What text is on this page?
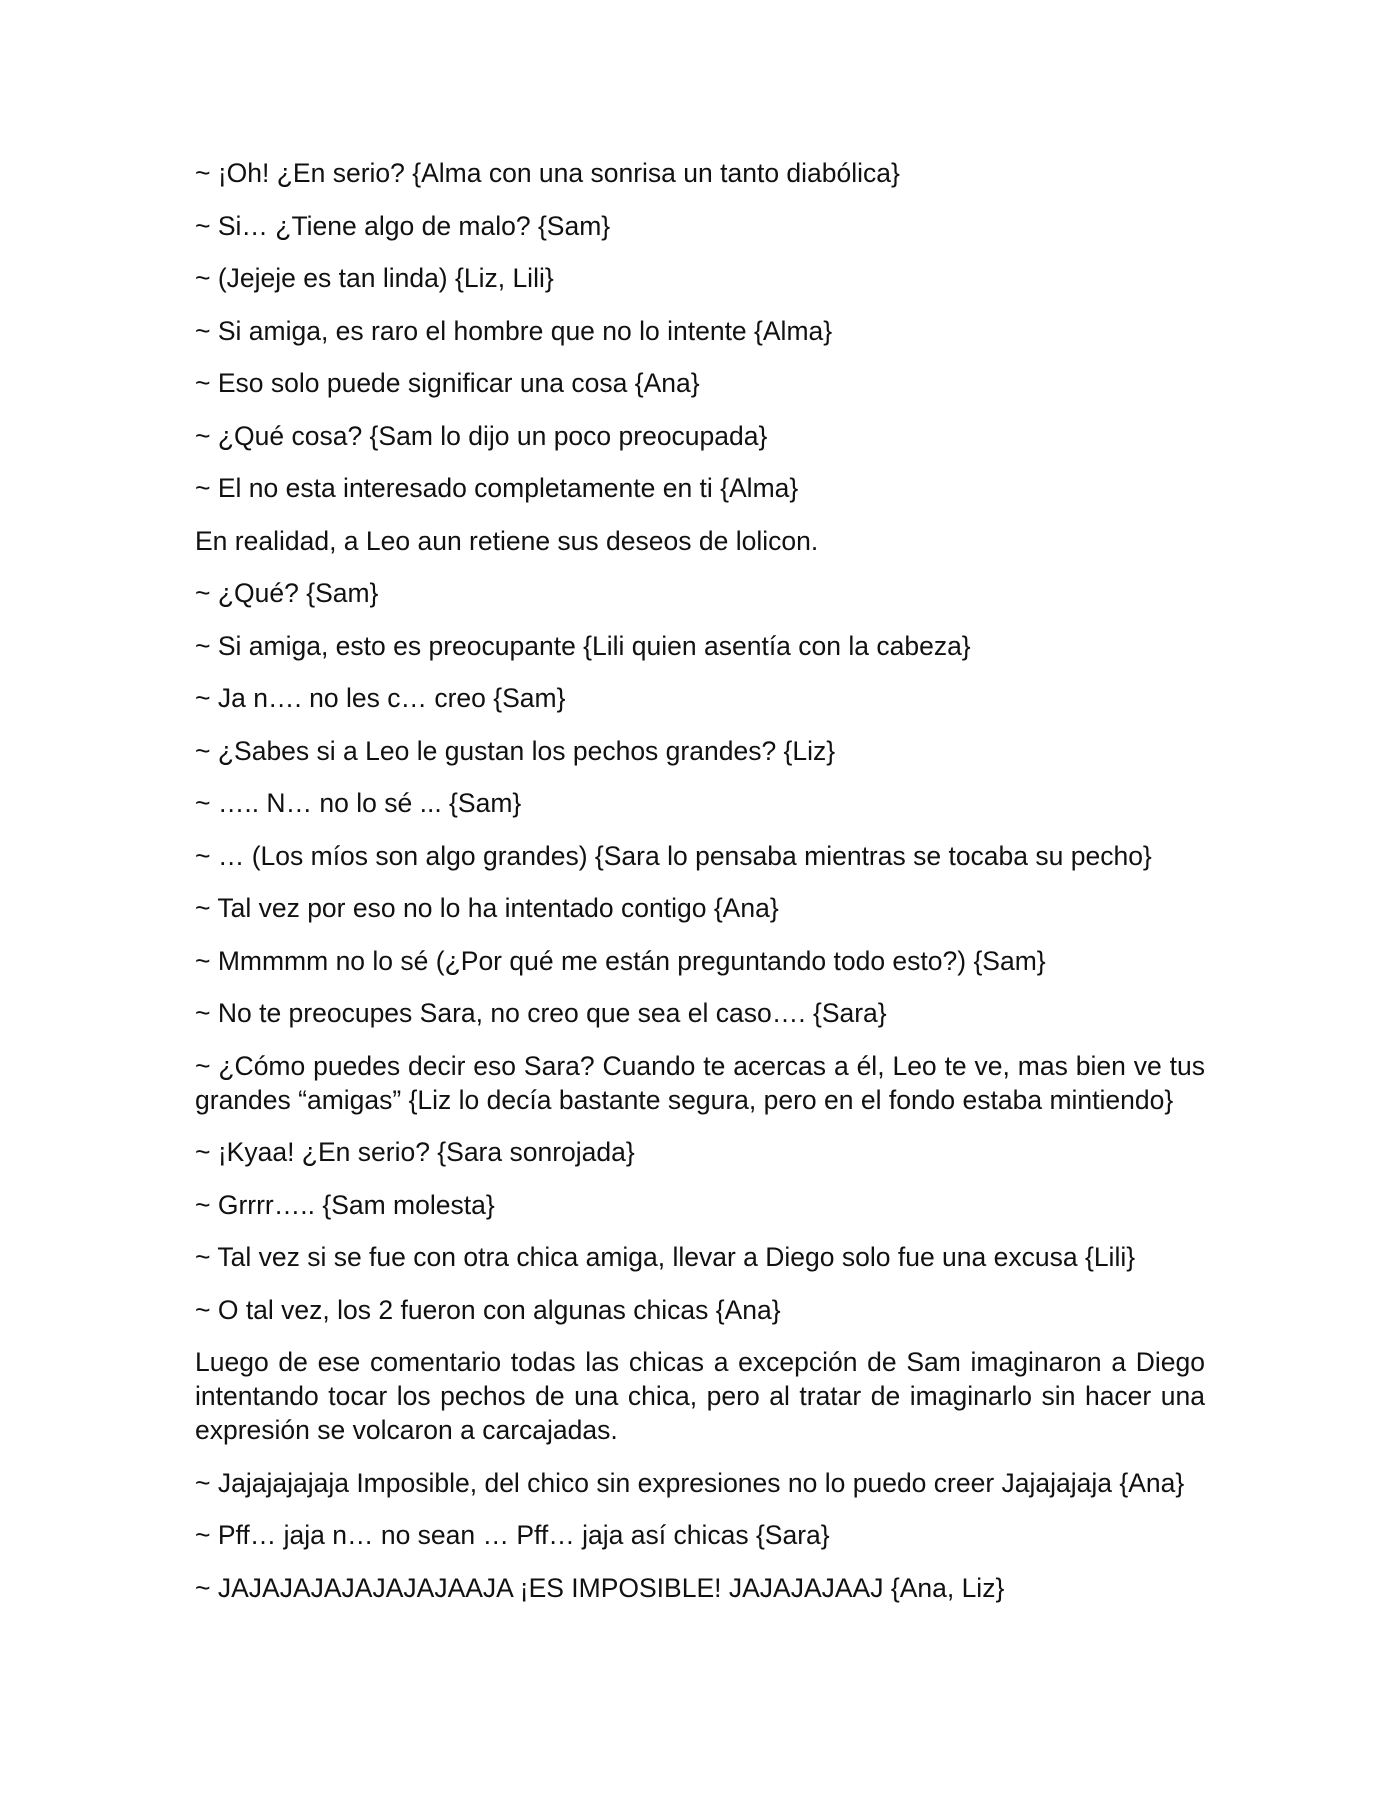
~ ¡Oh! ¿En serio? {Alma con una sonrisa un tanto diabólica}

~ Si… ¿Tiene algo de malo? {Sam}

~ (Jejeje es tan linda) {Liz, Lili}

~ Si amiga, es raro el hombre que no lo intente {Alma}

~ Eso solo puede significar una cosa {Ana}

~ ¿Qué cosa? {Sam lo dijo un poco preocupada}

~ El no esta interesado completamente en ti {Alma}

En realidad, a Leo aun retiene sus deseos de lolicon.

~ ¿Qué? {Sam}

~ Si amiga, esto es preocupante {Lili quien asentía con la cabeza}

~ Ja n…. no les c… creo {Sam}

~ ¿Sabes si a Leo le gustan los pechos grandes? {Liz}

~ ….. N… no lo sé ... {Sam}

~ … (Los míos son algo grandes) {Sara lo pensaba mientras se tocaba su pecho}

~ Tal vez por eso no lo ha intentado contigo {Ana}

~ Mmmmm no lo sé (¿Por qué me están preguntando todo esto?) {Sam}

~ No te preocupes Sara, no creo que sea el caso…. {Sara}

~ ¿Cómo puedes decir eso Sara? Cuando te acercas a él, Leo te ve, mas bien ve tus grandes “amigas” {Liz lo decía bastante segura, pero en el fondo estaba mintiendo}

~ ¡Kyaa! ¿En serio? {Sara sonrojada}

~ Grrrr….. {Sam molesta}

~ Tal vez si se fue con otra chica amiga, llevar a Diego solo fue una excusa {Lili}

~ O tal vez, los 2 fueron con algunas chicas {Ana}

Luego de ese comentario todas las chicas a excepción de Sam imaginaron a Diego intentando tocar los pechos de una chica, pero al tratar de imaginarlo sin hacer una expresión se volcaron a carcajadas.

~ Jajajajajaja Imposible, del chico sin expresiones no lo puedo creer Jajajajaja {Ana}

~ Pff… jaja n… no sean … Pff… jaja así chicas {Sara}

~ JAJAJAJAJAJAJAJAAJA ¡ES IMPOSIBLE! JAJAJAJAAJ {Ana, Liz}
